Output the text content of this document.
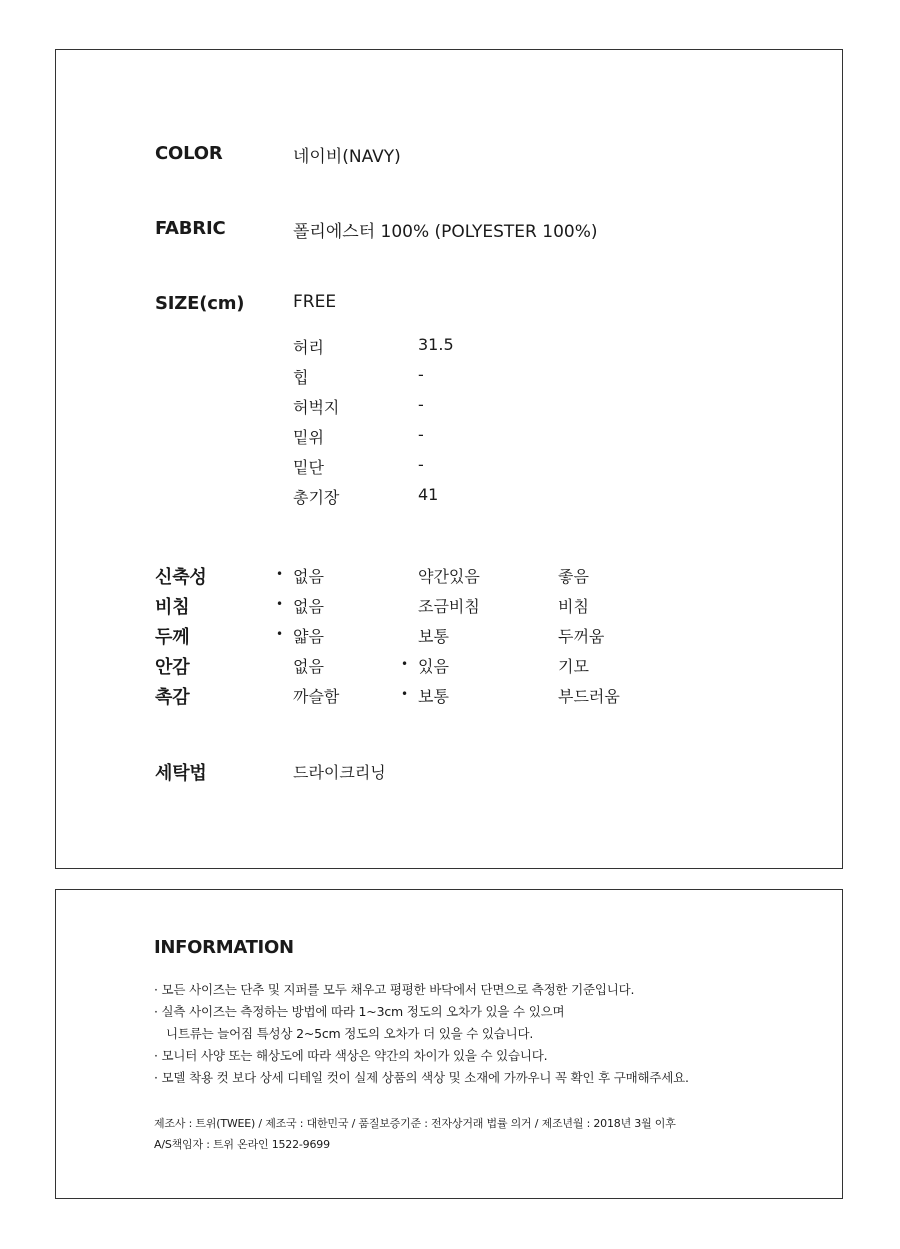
COLOR	네이비(NAVY)
FABRIC	폴리에스터 100% (POLYESTER 100%)
SIZE(cm)	FREE
허리	31.5
힙	-
허벅지	-
밑위	-
밑단	-
총기장	41
신축성	• 없음	약간있음	좋음
비침	• 없음	조금비침	비침
두께	• 얇음	보통	두꺼움
안감	없음	• 있음	기모
촉감	까슬함	• 보통	부드러움
세탁법	드라이크리닝
INFORMATION
· 모든 사이즈는 단추 및 지퍼를 모두 채우고 평평한 바닥에서 단면으로 측정한 기준입니다.
· 실측 사이즈는 측정하는 방법에 따라 1~3cm 정도의 오차가 있을 수 있으며
니트류는 늘어짐 특성상 2~5cm 정도의 오차가 더 있을 수 있습니다.
· 모니터 사양 또는 해상도에 따라 색상은 약간의 차이가 있을 수 있습니다.
· 모델 착용 컷 보다 상세 디테일 컷이 실제 상품의 색상 및 소재에 가까우니 꼭 확인 후 구매해주세요.
제조사 : 트위(TWEE) / 제조국 : 대한민국 / 품질보증기준 : 전자상거래 법률 의거 / 제조년월 : 2018년 3월 이후
A/S책임자 : 트위 온라인 1522-9699
